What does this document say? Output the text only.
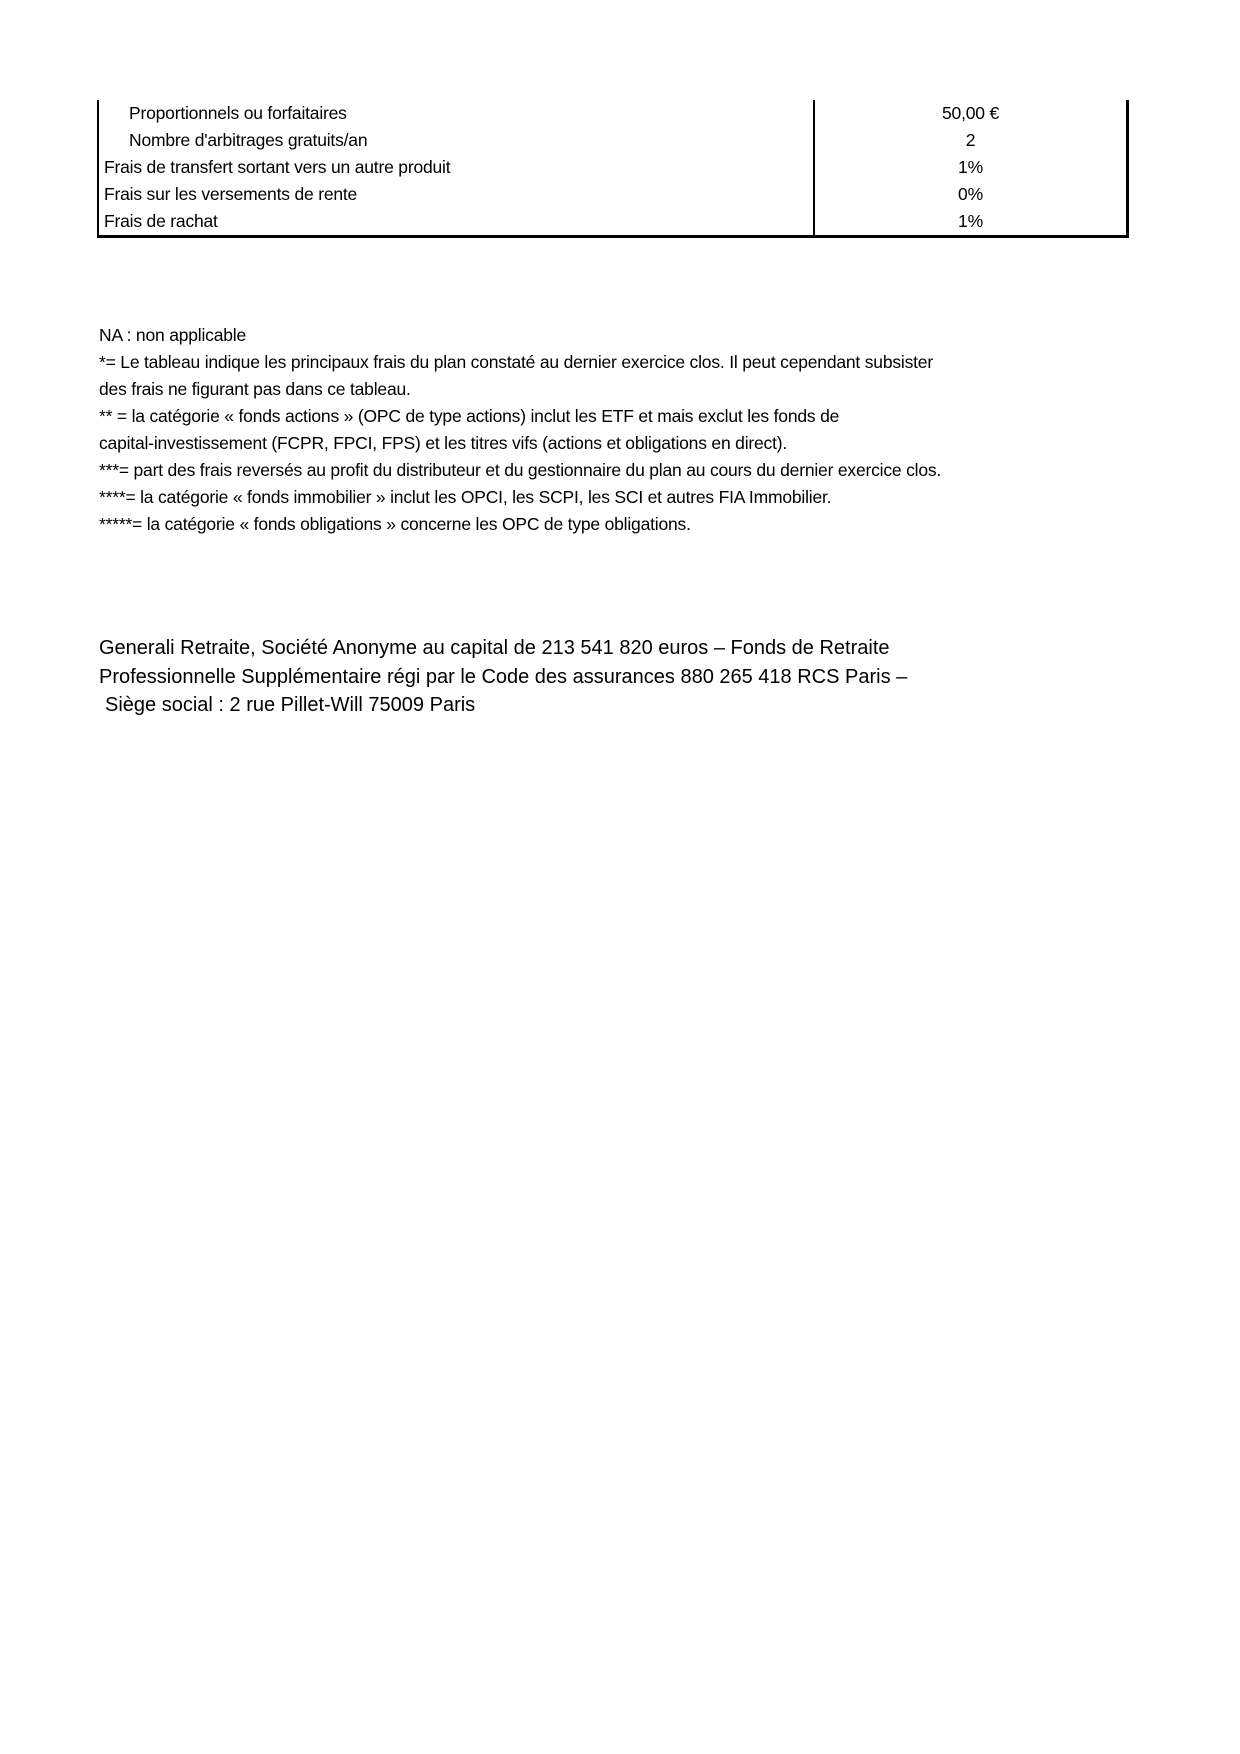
Proportionnels ou forfaitaires	50,00 €
Nombre d'arbitrages gratuits/an	2
Frais de transfert sortant vers un autre produit	1%
Frais sur les versements de rente	0%
Frais de rachat	1%
NA : non applicable
*= Le tableau indique les principaux frais du plan constaté au dernier exercice clos. Il peut cependant subsister
des frais ne figurant pas dans ce tableau.
** = la catégorie « fonds actions » (OPC de type actions) inclut les ETF et mais exclut les fonds de
capital-investissement (FCPR, FPCI, FPS) et les titres vifs (actions et obligations en direct).
***= part des frais reversés au profit du distributeur et du gestionnaire du plan au cours du dernier exercice clos.
****= la catégorie « fonds immobilier » inclut les OPCI, les SCPI, les SCI et autres FIA Immobilier.
*****= la catégorie « fonds obligations » concerne les OPC de type obligations.
Generali Retraite, Société Anonyme au capital de 213 541 820 euros – Fonds de Retraite
Professionnelle Supplémentaire régi par le Code des assurances 880 265 418 RCS Paris –
Siège social : 2 rue Pillet-Will 75009 Paris
